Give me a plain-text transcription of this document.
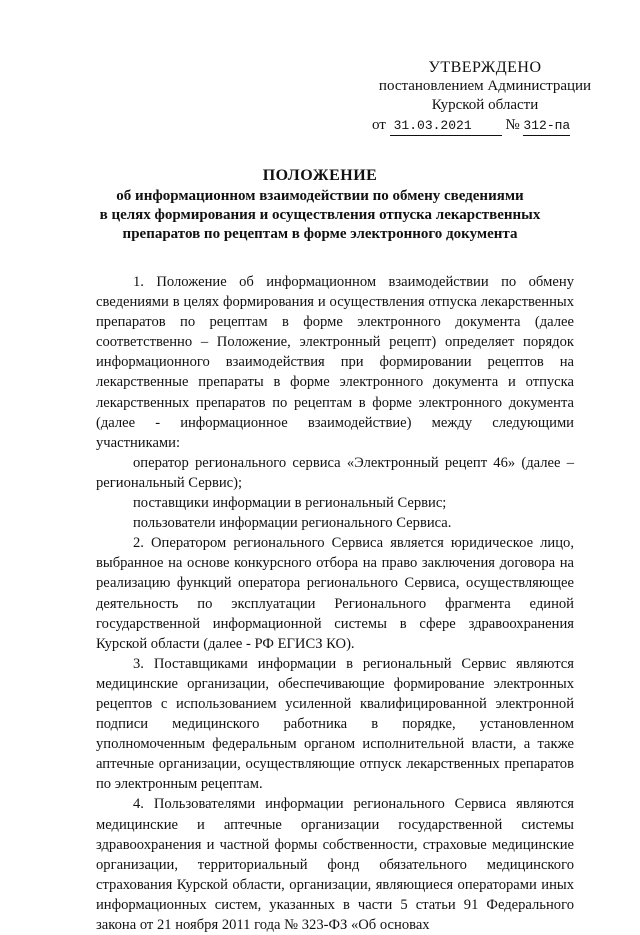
УТВЕРЖДЕНО
постановлением Администрации
Курской области
от 31.03.2021 № 312-па
ПОЛОЖЕНИЕ
об информационном взаимодействии по обмену сведениями
в целях формирования и осуществления отпуска лекарственных
препаратов по рецептам в форме электронного документа

1. Положение об информационном взаимодействии по обмену сведениями в целях формирования и осуществления отпуска лекарственных препаратов по рецептам в форме электронного документа (далее соответственно – Положение, электронный рецепт) определяет порядок информационного взаимодействия при формировании рецептов на лекарственные препараты в форме электронного документа и отпуска лекарственных препаратов по рецептам в форме электронного документа (далее - информационное взаимодействие) между следующими участниками:

оператор регионального сервиса «Электронный рецепт 46» (далее – региональный Сервис);

поставщики информации в региональный Сервис;

пользователи информации регионального Сервиса.

2. Оператором регионального Сервиса является юридическое лицо, выбранное на основе конкурсного отбора на право заключения договора на реализацию функций оператора регионального Сервиса, осуществляющее деятельность по эксплуатации Регионального фрагмента единой государственной информационной системы в сфере здравоохранения Курской области (далее - РФ ЕГИСЗ КО).

3. Поставщиками информации в региональный Сервис являются медицинские организации, обеспечивающие формирование электронных рецептов с использованием усиленной квалифицированной электронной подписи медицинского работника в порядке, установленном уполномоченным федеральным органом исполнительной власти, а также аптечные организации, осуществляющие отпуск лекарственных препаратов по электронным рецептам.

4. Пользователями информации регионального Сервиса являются медицинские и аптечные организации государственной системы здравоохранения и частной формы собственности, страховые медицинские организации, территориальный фонд обязательного медицинского страхования Курской области, организации, являющиеся операторами иных информационных систем, указанных в части 5 статьи 91 Федерального закона от 21 ноября 2011 года № 323-ФЗ «Об основах
